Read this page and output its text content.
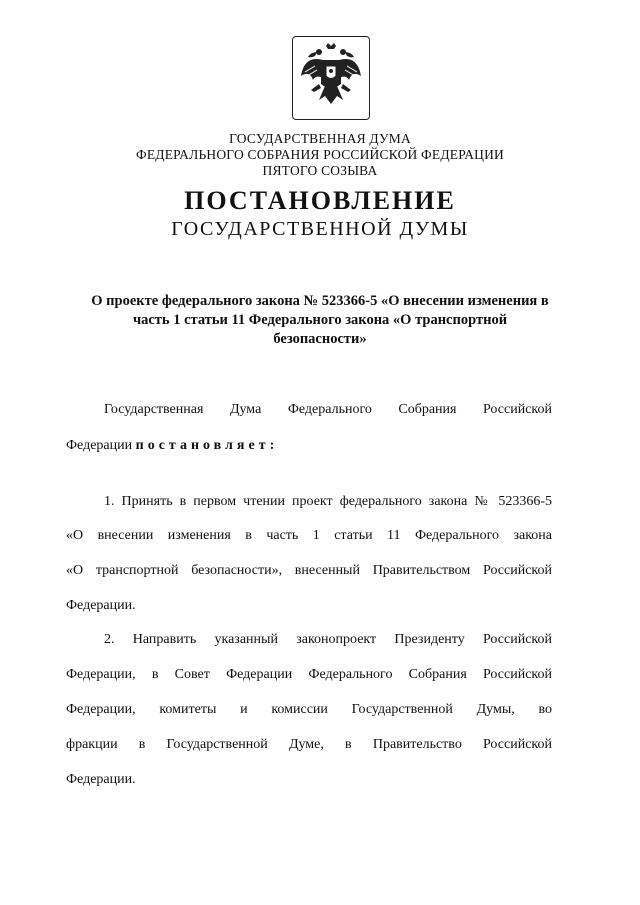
ГОСУДАРСТВЕННАЯ ДУМА
ФЕДЕРАЛЬНОГО СОБРАНИЯ РОССИЙСКОЙ ФЕДЕРАЦИИ
ПЯТОГО СОЗЫВА
ПОСТАНОВЛЕНИЕ
ГОСУДАРСТВЕННОЙ ДУМЫ
О проекте федерального закона № 523366-5 «О внесении изменения в
часть 1 статьи 11 Федерального закона «О транспортной
безопасности»
Государственная Дума Федерального Собрания Российской
Федерации постановляет:
1. Принять в первом чтении проект федерального закона № 523366-5
«О внесении изменения в часть 1 статьи 11 Федерального закона
«О транспортной безопасности», внесенный Правительством Российской
Федерации.
2. Направить указанный законопроект Президенту Российской
Федерации, в Совет Федерации Федерального Собрания Российской
Федерации, комитеты и комиссии Государственной Думы, во
фракции в Государственной Думе, в Правительство Российской
Федерации.
